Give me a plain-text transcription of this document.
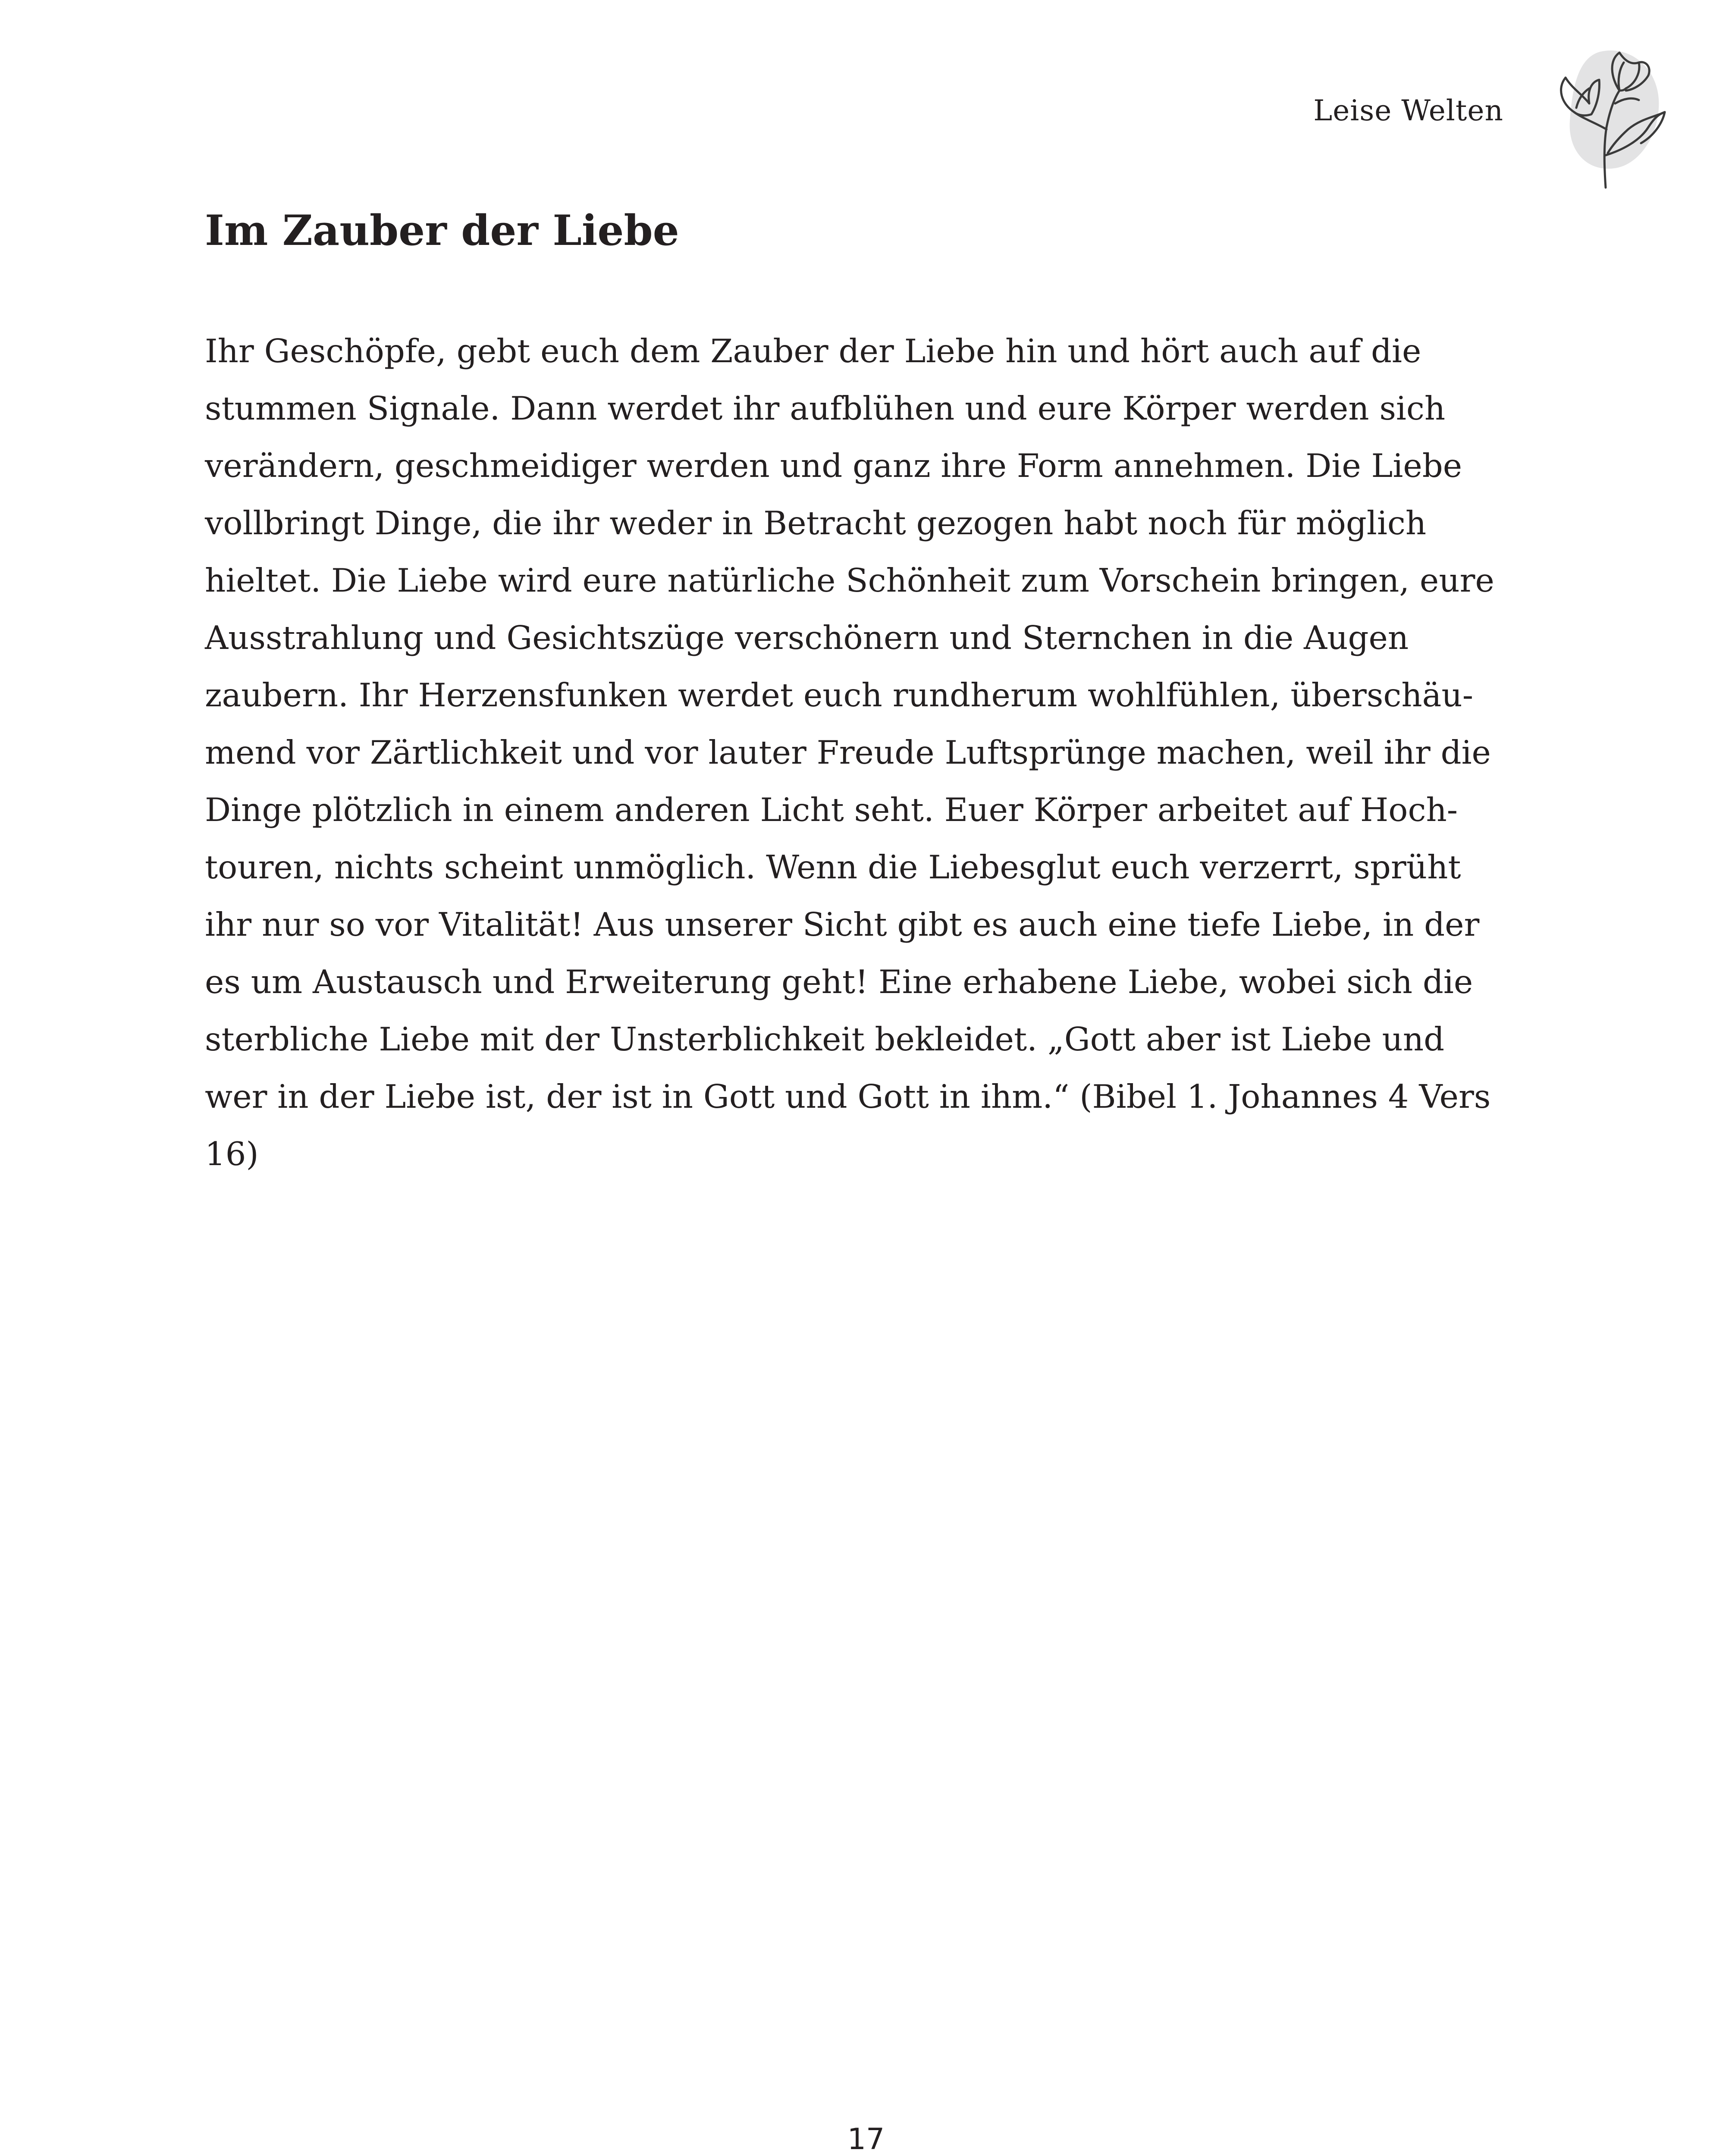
Leise Welten
Im Zauber der Liebe
Ihr Geschöpfe, gebt euch dem Zauber der Liebe hin und hört auch auf die
stummen Signale. Dann werdet ihr aufblühen und eure Körper werden sich
verändern, geschmeidiger werden und ganz ihre Form annehmen. Die Liebe
vollbringt Dinge, die ihr weder in Betracht gezogen habt noch für möglich
hieltet. Die Liebe wird eure natürliche Schönheit zum Vorschein bringen, eure
Ausstrahlung und Gesichtszüge verschönern und Sternchen in die Augen
zaubern. Ihr Herzensfunken werdet euch rundherum wohlfühlen, überschäu-
mend vor Zärtlichkeit und vor lauter Freude Luftsprünge machen, weil ihr die
Dinge plötzlich in einem anderen Licht seht. Euer Körper arbeitet auf Hoch-
touren, nichts scheint unmöglich. Wenn die Liebesglut euch verzerrt, sprüht
ihr nur so vor Vitalität! Aus unserer Sicht gibt es auch eine tiefe Liebe, in der
es um Austausch und Erweiterung geht! Eine erhabene Liebe, wobei sich die
sterbliche Liebe mit der Unsterblichkeit bekleidet. „Gott aber ist Liebe und
wer in der Liebe ist, der ist in Gott und Gott in ihm.“ (Bibel 1. Johannes 4 Vers
16)
17
